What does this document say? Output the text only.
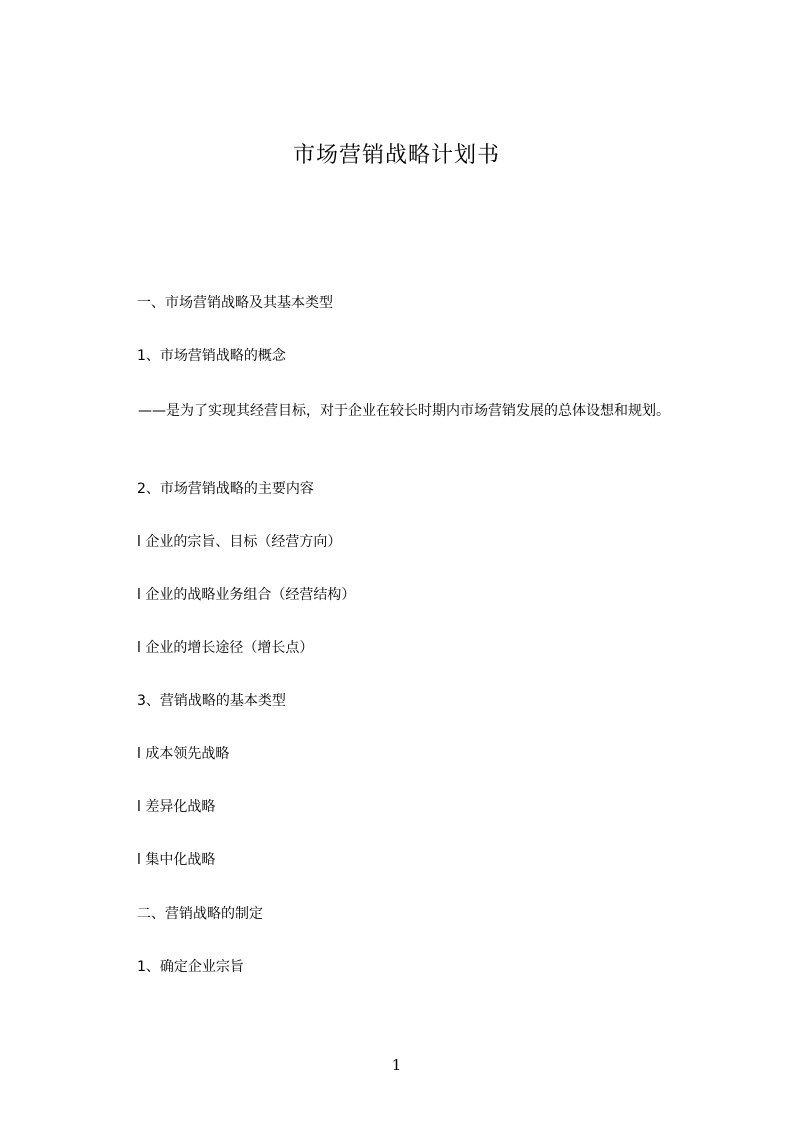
市场营销战略计划书
一、市场营销战略及其基本类型
1、市场营销战略的概念
——是为了实现其经营目标，对于企业在较长时期内市场营销发展的总体设想和规划。
2、市场营销战略的主要内容
l 企业的宗旨、目标（经营方向）
l 企业的战略业务组合（经营结构）
l 企业的增长途径（增长点）
3、营销战略的基本类型
l 成本领先战略
l 差异化战略
l 集中化战略
二、营销战略的制定
1、确定企业宗旨
1
